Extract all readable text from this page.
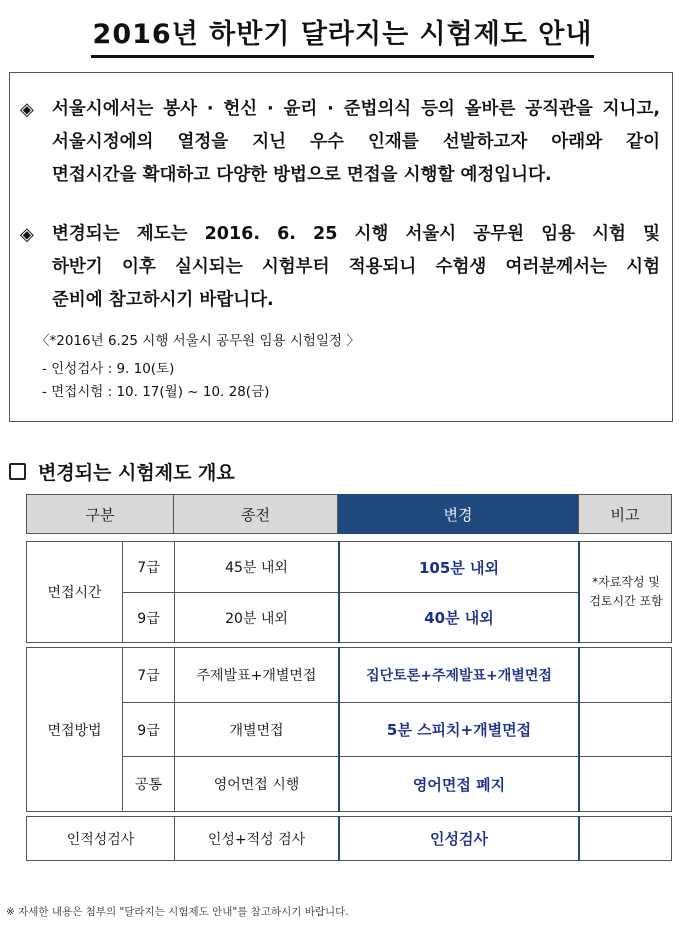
2016년 하반기 달라지는 시험제도 안내
◈	서울시에서는 봉사 · 헌신 · 윤리 · 준법의식 등의 올바른 공직관을 지니고,
서울시정에의 열정을 지닌 우수 인재를 선발하고자 아래와 같이
면접시간을 확대하고 다양한 방법으로 면접을 시행할 예정입니다.
◈	변경되는 제도는 2016. 6. 25 시행 서울시 공무원 임용 시험 및
하반기 이후 실시되는 시험부터 적용되니 수험생 여러분께서는 시험
준비에 참고하시기 바랍니다.
〈*2016년 6.25 시행 서울시 공무원 임용 시험일정 〉
- 인성검사 : 9. 10(토)
- 면접시험 : 10. 17(월) ~ 10. 28(금)
변경되는 시험제도 개요
구분	종전	변경	비고
면접시간
7급	45분 내외	105분 내외
9급	20분 내외	40분 내외
*자료작성 및
검토시간 포함
면접방법
7급	주제발표+개별면접	집단토론+주제발표+개별면접
9급	개별면접	5분 스피치+개별면접
공통	영어면접 시행	영어면접 폐지
인적성검사	인성+적성 검사	인성검사
※ 자세한 내용은 첨부의 "달라지는 시험제도 안내"를 참고하시기 바랍니다.
